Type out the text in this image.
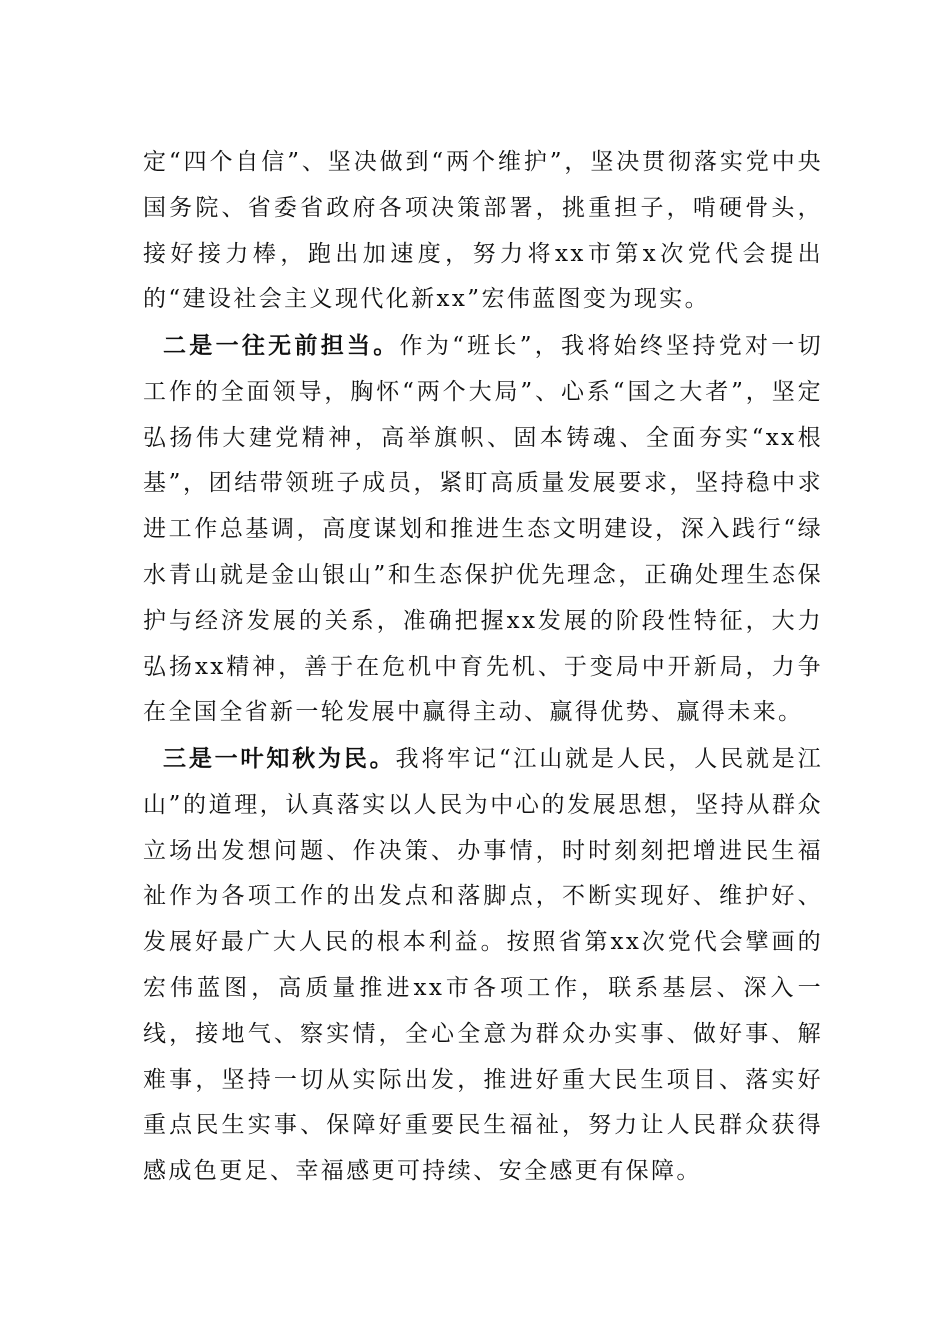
定“四个自信”、坚决做到“两个维护”，坚决贯彻落实党中央国务院、省委省政府各项决策部署，挑重担子，啃硬骨头，接好接力棒，跑出加速度，努力将xx市第x次党代会提出的“建设社会主义现代化新xx”宏伟蓝图变为现实。

二是一往无前担当。作为“班长”，我将始终坚持党对一切工作的全面领导，胸怀“两个大局”、心系“国之大者”，坚定弘扬伟大建党精神，高举旗帜、固本铸魂、全面夯实“xx根基”，团结带领班子成员，紧盯高质量发展要求，坚持稳中求进工作总基调，高度谋划和推进生态文明建设，深入践行“绿水青山就是金山银山”和生态保护优先理念，正确处理生态保护与经济发展的关系，准确把握xx发展的阶段性特征，大力弘扬xx精神，善于在危机中育先机、于变局中开新局，力争在全国全省新一轮发展中赢得主动、赢得优势、赢得未来。

三是一叶知秋为民。我将牢记“江山就是人民，人民就是江山”的道理，认真落实以人民为中心的发展思想，坚持从群众立场出发想问题、作决策、办事情，时时刻刻把增进民生福祉作为各项工作的出发点和落脚点，不断实现好、维护好、发展好最广大人民的根本利益。按照省第xx次党代会擘画的宏伟蓝图，高质量推进xx市各项工作，联系基层、深入一线，接地气、察实情，全心全意为群众办实事、做好事、解难事，坚持一切从实际出发，推进好重大民生项目、落实好重点民生实事、保障好重要民生福祉，努力让人民群众获得感成色更足、幸福感更可持续、安全感更有保障。
